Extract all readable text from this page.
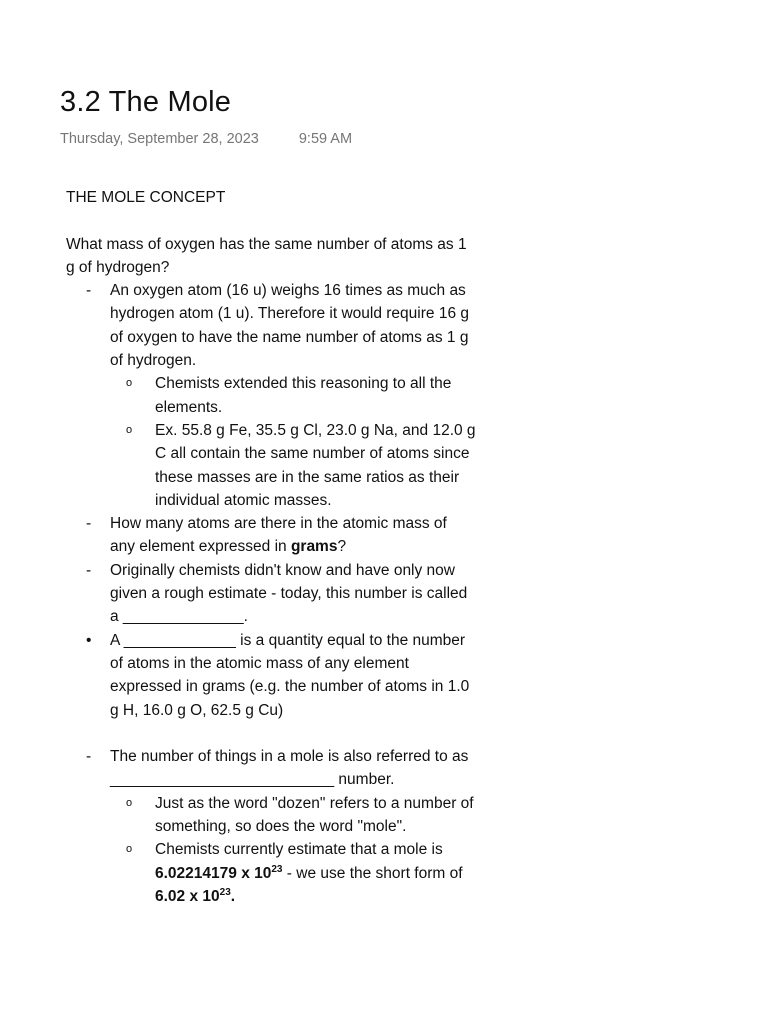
3.2 The Mole
Thursday, September 28, 2023	9:59 AM

THE MOLE CONCEPT

What mass of oxygen has the same number of atoms as 1 g of hydrogen?

-	An oxygen atom (16 u) weighs 16 times as much as hydrogen atom (1 u). Therefore it would require 16 g of oxygen to have the name number of atoms as 1 g of hydrogen.
o Chemists extended this reasoning to all the elements.
o Ex. 55.8 g Fe, 35.5 g Cl, 23.0 g Na, and 12.0 g C all contain the same number of atoms since these masses are in the same ratios as their individual atomic masses.
-	How many atoms are there in the atomic mass of any element expressed in grams?
-	Originally chemists didn't know and have only now given a rough estimate - today, this number is called a ______________.
•	A _____________ is a quantity equal to the number of atoms in the atomic mass of any element expressed in grams (e.g. the number of atoms in 1.0 g H, 16.0 g O, 62.5 g Cu)
-	The number of things in a mole is also referred to as __________________________ number.
o Just as the word "dozen" refers to a number of something, so does the word "mole".
o Chemists currently estimate that a mole is 6.02214179 x $10^{23}$ - we use the short form of 6.02 x $10^{23}$.
